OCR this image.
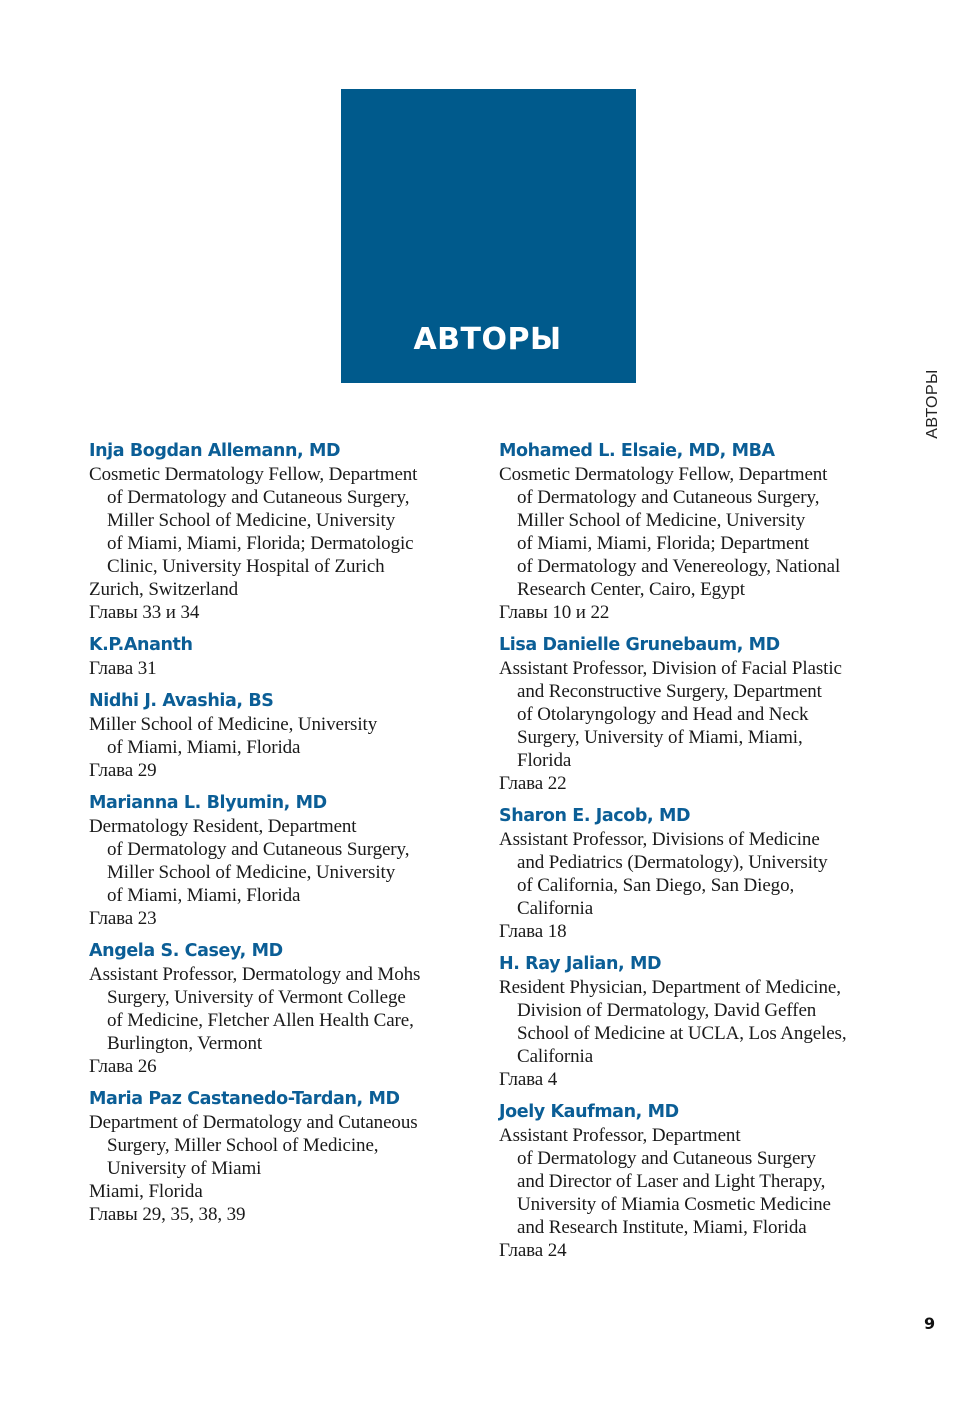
АВТОРЫ
АВТОРЫ
Inja Bogdan Allemann, MD
Cosmetic Dermatology Fellow, Department
of Dermatology and Cutaneous Surgery,
Miller School of Medicine, University
of Miami, Miami, Florida; Dermatologic
Clinic, University Hospital of Zurich
Zurich, Switzerland
Главы 33 и 34
K.P.Ananth
Глава 31
Nidhi J. Avashia, BS
Miller School of Medicine, University
of Miami, Miami, Florida
Глава 29
Marianna L. Blyumin, MD
Dermatology Resident, Department
of Dermatology and Cutaneous Surgery,
Miller School of Medicine, University
of Miami, Miami, Florida
Глава 23
Angela S. Casey, MD
Assistant Professor, Dermatology and Mohs
Surgery, University of Vermont College
of Medicine, Fletcher Allen Health Care,
Burlington, Vermont
Глава 26
Maria Paz Castanedo-Tardan, MD
Department of Dermatology and Cutaneous
Surgery, Miller School of Medicine,
University of Miami
Miami, Florida
Главы 29, 35, 38, 39
Mohamed L. Elsaie, MD, MBA
Cosmetic Dermatology Fellow, Department
of Dermatology and Cutaneous Surgery,
Miller School of Medicine, University
of Miami, Miami, Florida; Department
of Dermatology and Venereology, National
Research Center, Cairo, Egypt
Главы 10 и 22
Lisa Danielle Grunebaum, MD
Assistant Professor, Division of Facial Plastic
and Reconstructive Surgery, Department
of Otolaryngology and Head and Neck
Surgery, University of Miami, Miami,
Florida
Глава 22
Sharon E. Jacob, MD
Assistant Professor, Divisions of Medicine
and Pediatrics (Dermatology), University
of California, San Diego, San Diego,
California
Глава 18
H. Ray Jalian, MD
Resident Physician, Department of Medicine,
Division of Dermatology, David Geffen
School of Medicine at UCLA, Los Angeles,
California
Глава 4
Joely Kaufman, MD
Assistant Professor, Department
of Dermatology and Cutaneous Surgery
and Director of Laser and Light Therapy,
University of Miamia Cosmetic Medicine
and Research Institute, Miami, Florida
Глава 24
9
